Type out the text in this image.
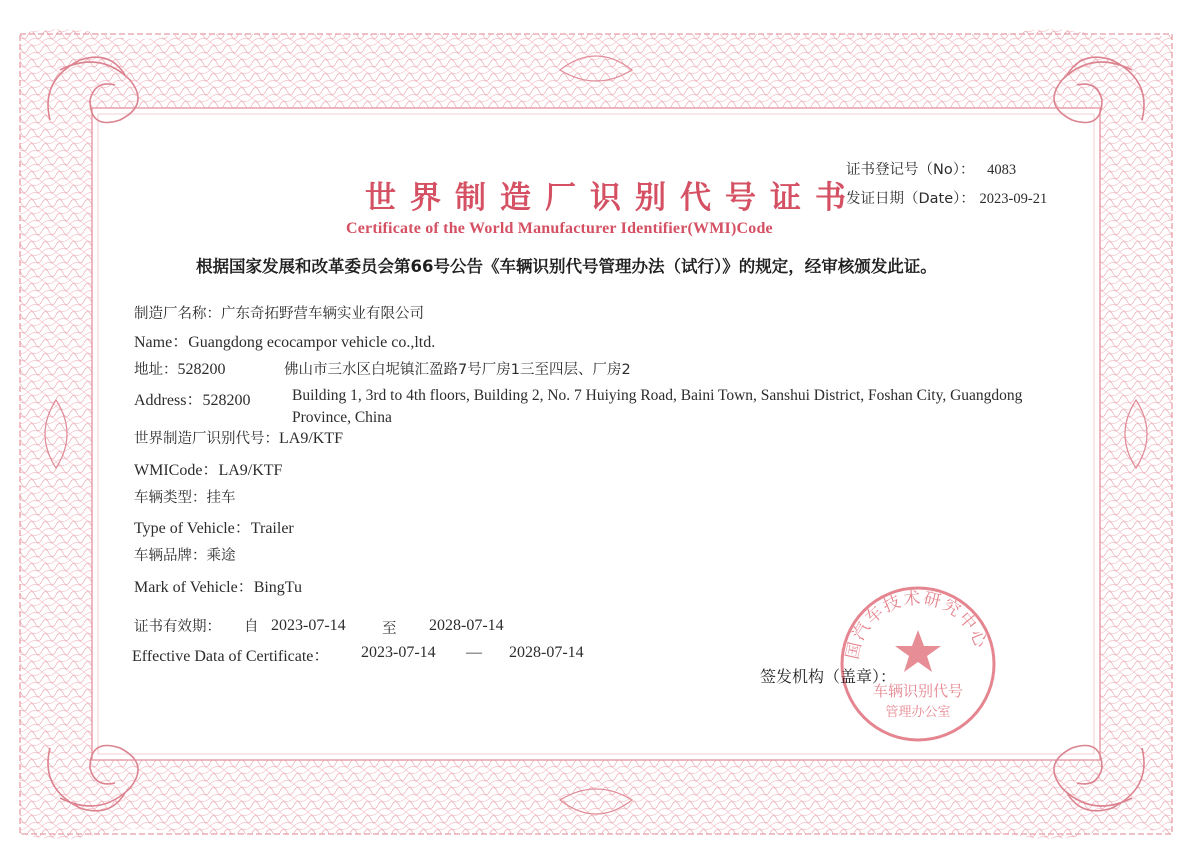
证书登记号（No）： 4083
发证日期（Date）： 2023-09-21
世界制造厂识别代号证书
Certificate of the World Manufacturer Identifier(WMI)Code
根据国家发展和改革委员会第66号公告《车辆识别代号管理办法（试行）》的规定，经审核颁发此证。
制造厂名称：广东奇拓野营车辆实业有限公司
Name：Guangdong ecocampor vehicle co.,ltd.
地址：528200	佛山市三水区白坭镇汇盈路7号厂房1三至四层、厂房2
Address：528200	Building 1, 3rd to 4th floors, Building 2, No. 7 Huiying Road, Baini Town, Sanshui District, Foshan City, Guangdong
Province, China
世界制造厂识别代号：LA9/KTF
WMICode：LA9/KTF
车辆类型：挂车
Type of Vehicle：Trailer
车辆品牌：乘途
Mark of Vehicle：BingTu
证书有效期： 自 2023-07-14	至 2028-07-14
Effective Data of Certificate： 2023-07-14 — 2028-07-14	国汽车技术研究中心
车辆识别代号
管理办公室
签发机构（盖章）：
